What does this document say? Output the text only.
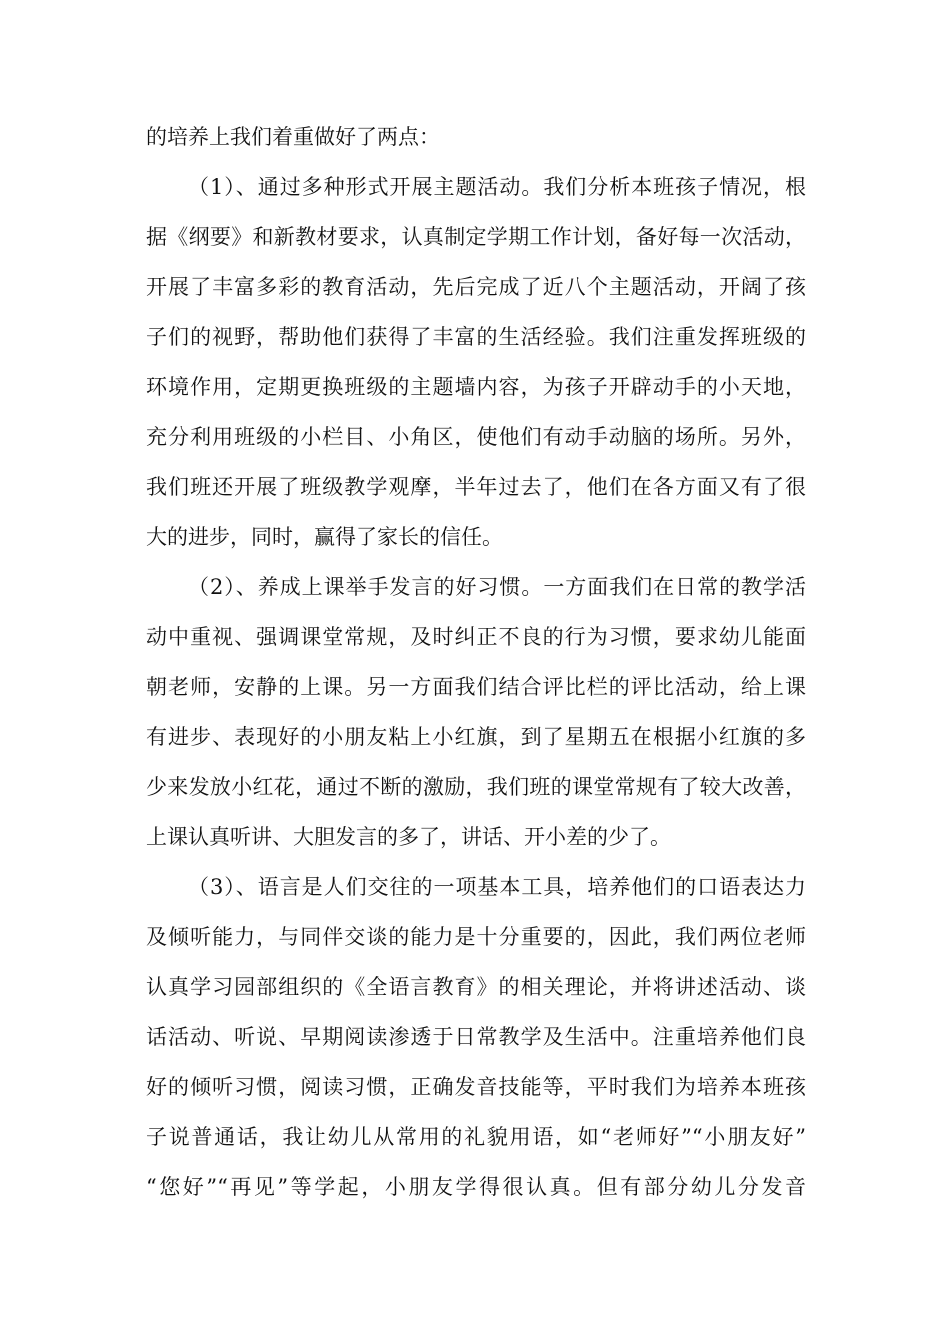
的培养上我们着重做好了两点：
（1）、通过多种形式开展主题活动。我们分析本班孩子情况，根
据《纲要》和新教材要求，认真制定学期工作计划，备好每一次活动，
开展了丰富多彩的教育活动，先后完成了近八个主题活动，开阔了孩
子们的视野，帮助他们获得了丰富的生活经验。我们注重发挥班级的
环境作用，定期更换班级的主题墙内容，为孩子开辟动手的小天地，
充分利用班级的小栏目、小角区，使他们有动手动脑的场所。另外，
我们班还开展了班级教学观摩，半年过去了，他们在各方面又有了很
大的进步，同时，赢得了家长的信任。
（2）、养成上课举手发言的好习惯。一方面我们在日常的教学活
动中重视、强调课堂常规，及时纠正不良的行为习惯，要求幼儿能面
朝老师，安静的上课。另一方面我们结合评比栏的评比活动，给上课
有进步、表现好的小朋友粘上小红旗，到了星期五在根据小红旗的多
少来发放小红花，通过不断的激励，我们班的课堂常规有了较大改善，
上课认真听讲、大胆发言的多了，讲话、开小差的少了。
（3）、语言是人们交往的一项基本工具，培养他们的口语表达力
及倾听能力，与同伴交谈的能力是十分重要的，因此，我们两位老师
认真学习园部组织的《全语言教育》的相关理论，并将讲述活动、谈
话活动、听说、早期阅读渗透于日常教学及生活中。注重培养他们良
好的倾听习惯，阅读习惯，正确发音技能等，平时我们为培养本班孩
子说普通话，我让幼儿从常用的礼貌用语，如“老师好”“小朋友好”
“您好”“再见”等学起，小朋友学得很认真。但有部分幼儿分发音
